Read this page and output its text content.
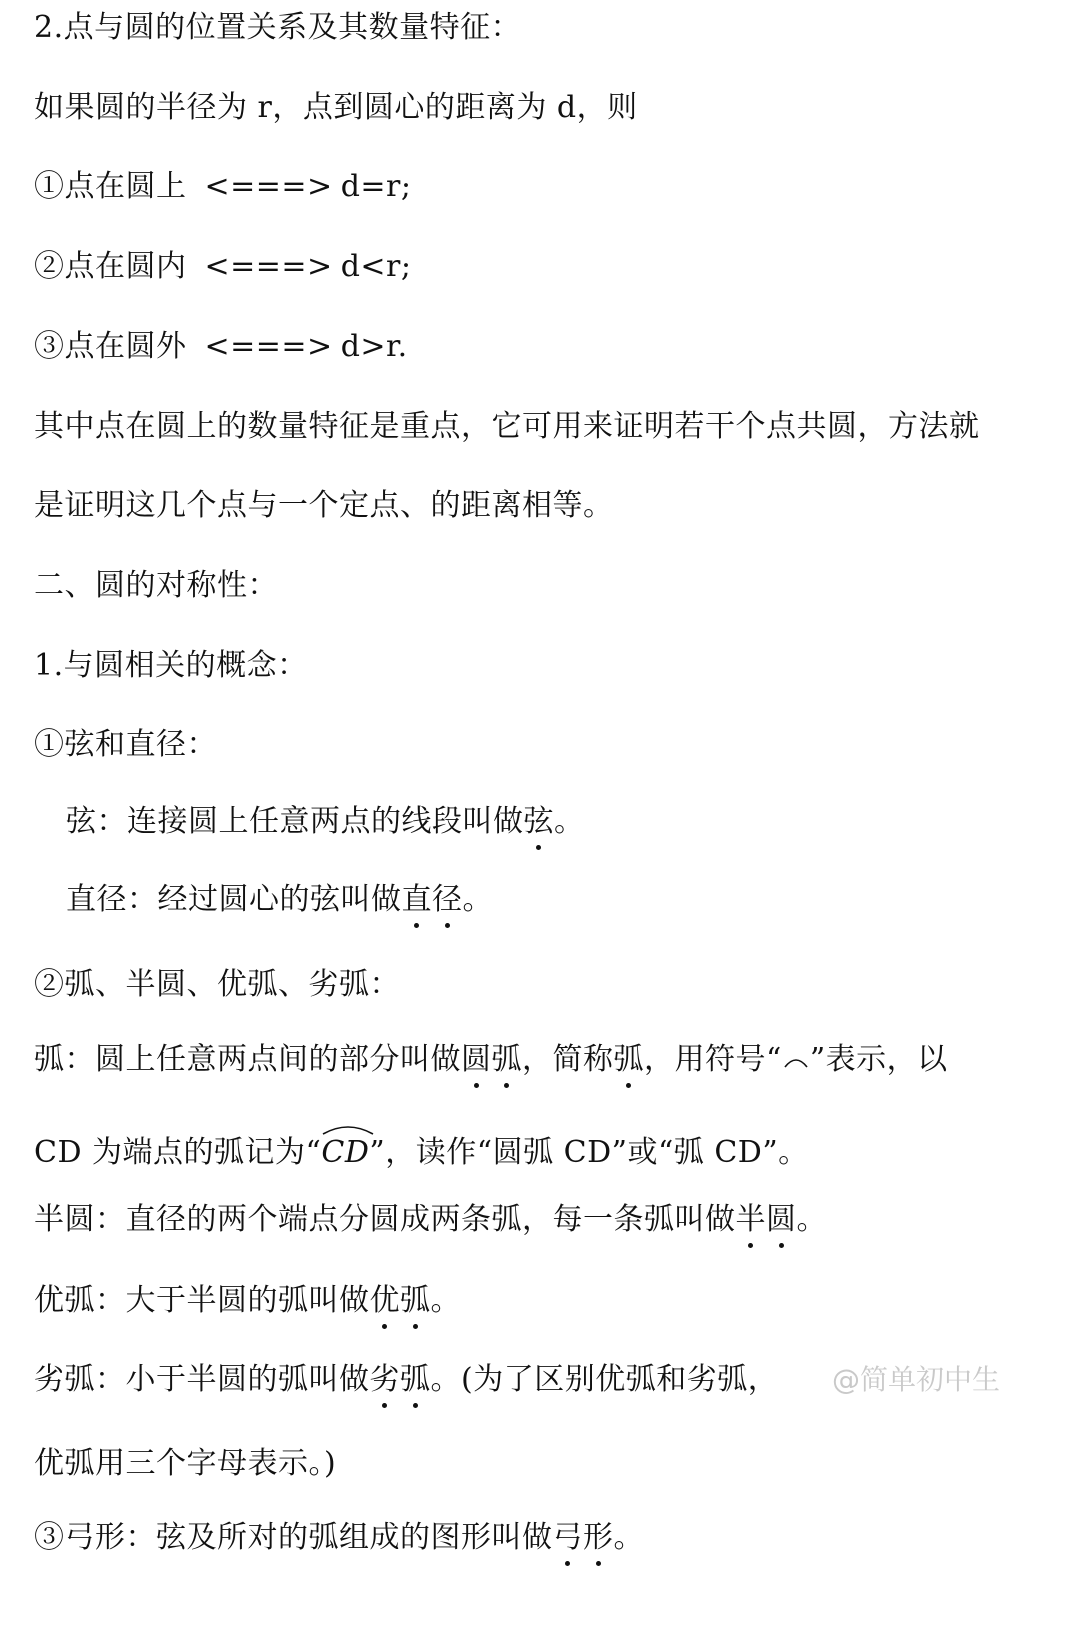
2.点与圆的位置关系及其数量特征：
如果圆的半径为 r，点到圆心的距离为 d，则
①点在圆上 <===> d=r;
②点在圆内 <===> d<r;
③点在圆外 <===> d>r.
其中点在圆上的数量特征是重点，它可用来证明若干个点共圆，方法就
是证明这几个点与一个定点、的距离相等。
二、圆的对称性：
1.与圆相关的概念：
①弦和直径：
弦：连接圆上任意两点的线段叫做弦。
直径：经过圆心的弦叫做直径。
②弧、半圆、优弧、劣弧：
弧：圆上任意两点间的部分叫做圆弧，简称弧，用符号“ ”表示，以
CD 为端点的弧记为“
CD”，读作“圆弧 CD”或“弧 CD”。
半圆：直径的两个端点分圆成两条弧，每一条弧叫做半圆。
优弧：大于半圆的弧叫做优弧。
劣弧：小于半圆的弧叫做劣弧。(为了区别优弧和劣弧， @简单初中生
优弧用三个字母表示。)
③弓形：弦及所对的弧组成的图形叫做弓形。
